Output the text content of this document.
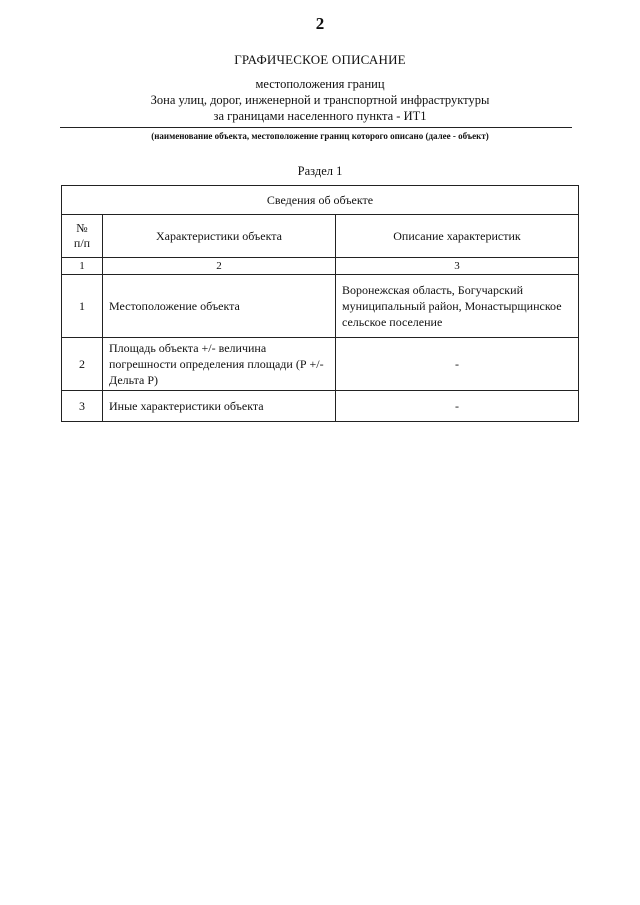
2
ГРАФИЧЕСКОЕ ОПИСАНИЕ
местоположения границ
Зона улиц, дорог, инженерной и транспортной инфраструктуры
за границами населенного пункта - ИТ1
(наименование объекта, местоположение границ которого описано (далее - объект)
Раздел 1
Сведения об объекте		
№
п/п	Характеристики объекта	Описание характеристик
1	2	3
1	Местоположение объекта	Воронежская область, Богучарский муниципальный район, Монастырщинское сельское поселение
2	Площадь объекта +/- величина погрешности определения площади (Р +/- Дельта Р)	-
3	Иные характеристики объекта	-
